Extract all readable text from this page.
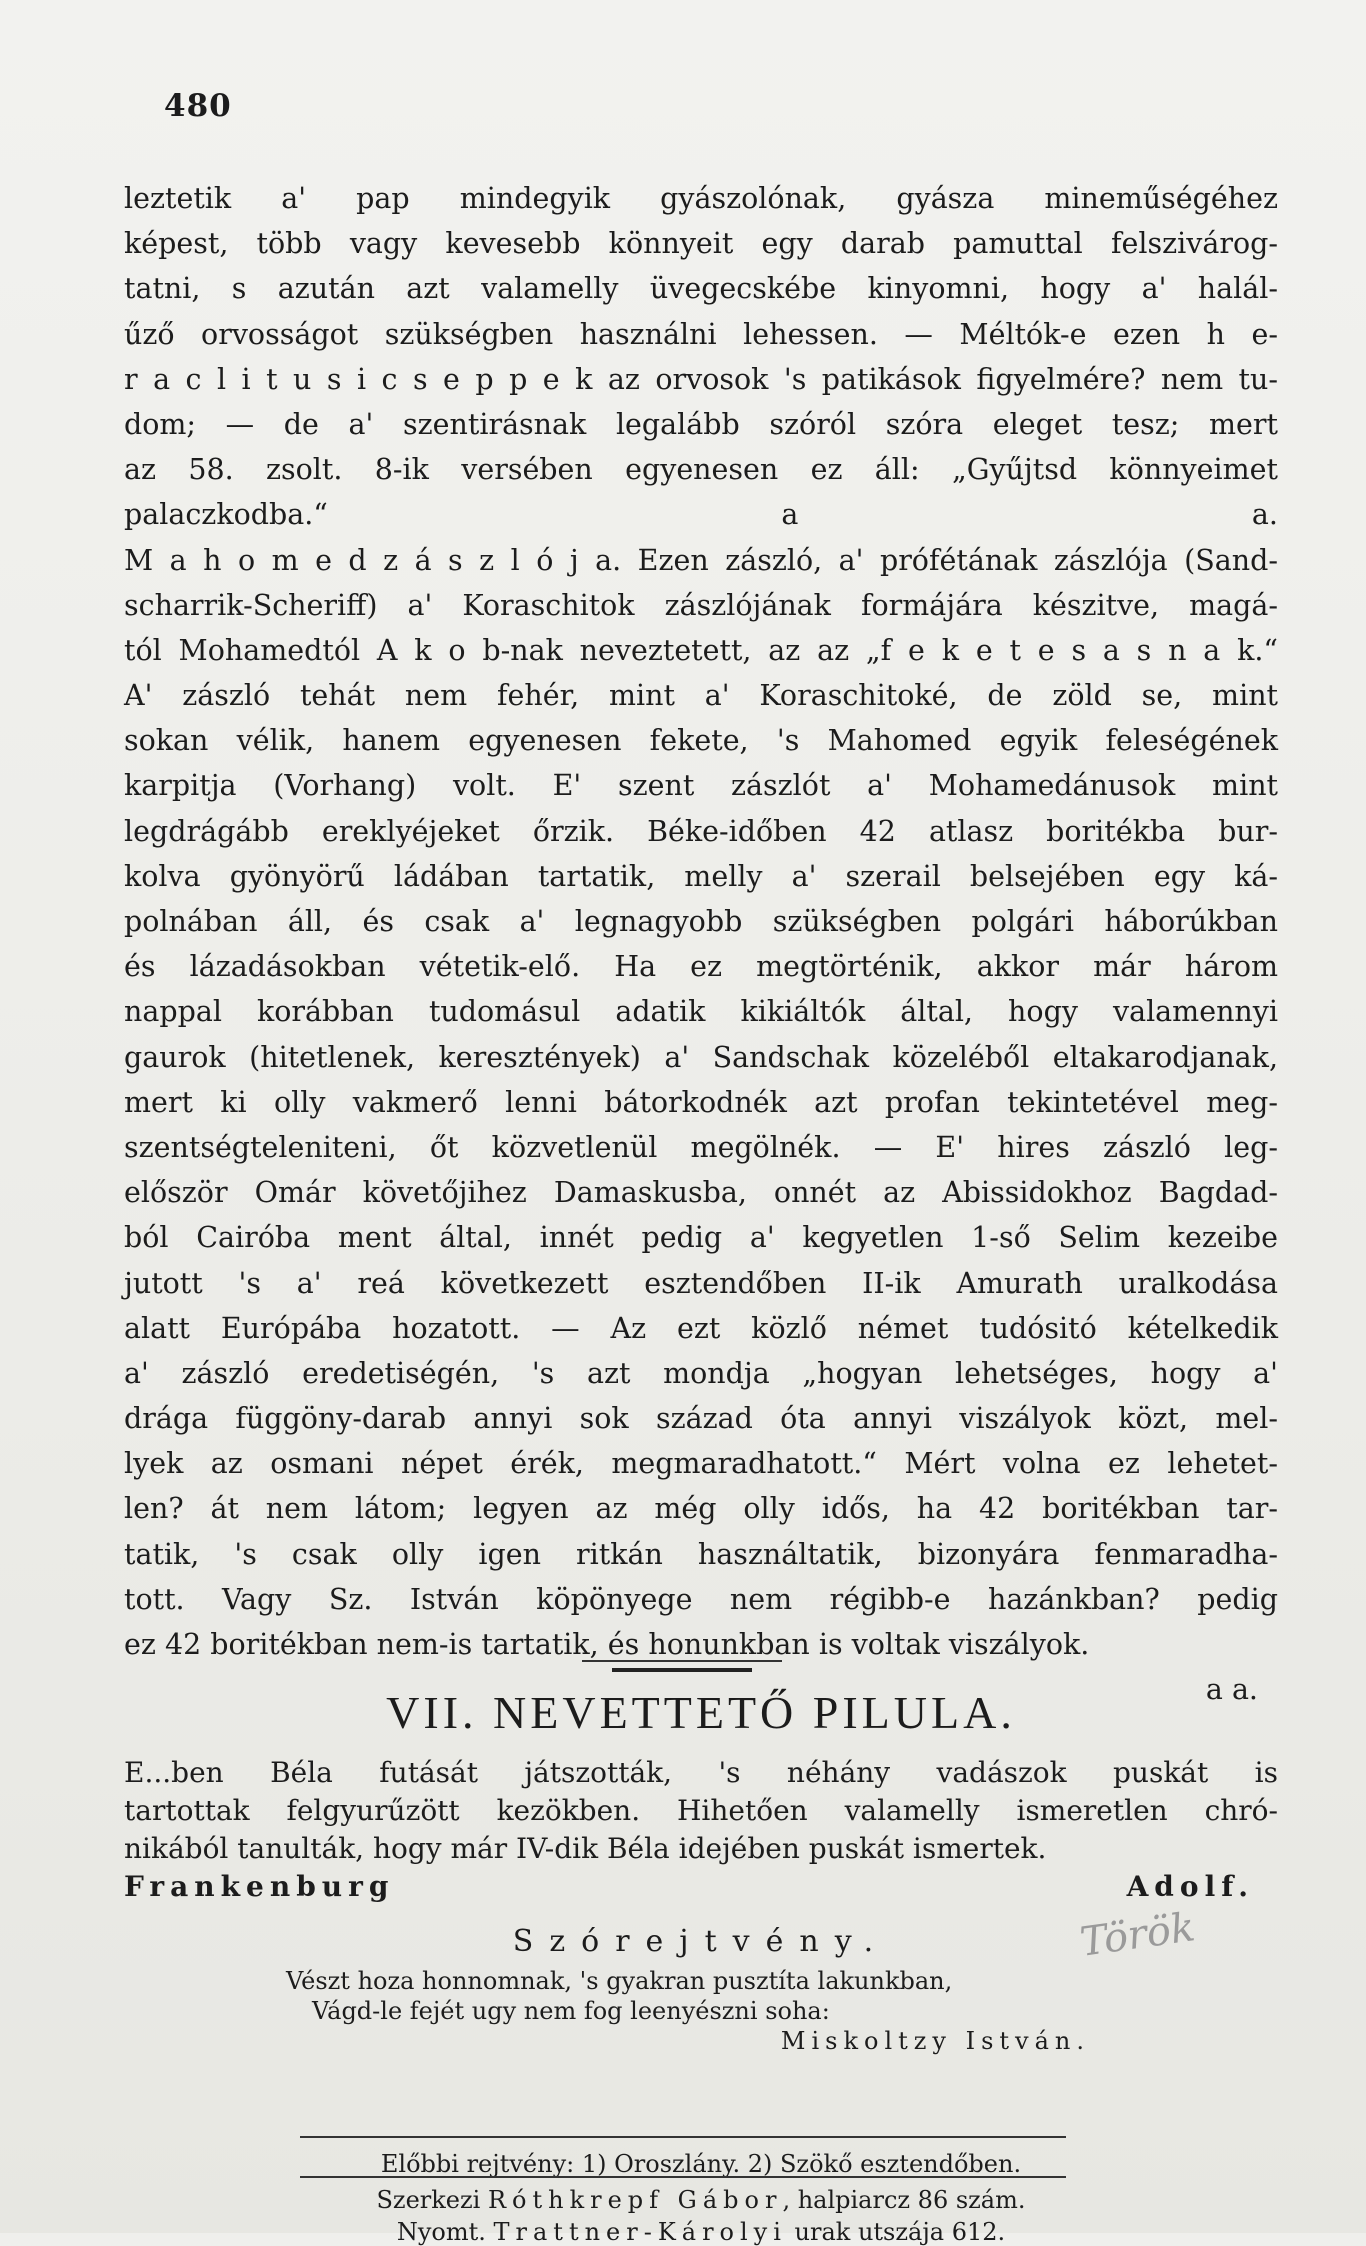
480
leztetik a' pap mindegyik gyászolónak, gyásza mineműségéhez
képest, több vagy kevesebb könnyeit egy darab pamuttal felszivárog-
tatni, s azután azt valamelly üvegecskébe kinyomni, hogy a' halál-
űző orvosságot szükségben használni lehessen. — Méltók-e ezen h e-
r a c l i t u s i c s e p p e k az orvosok 's patikások figyelmére? nem tu-
dom; — de a' szentirásnak legalább szóról szóra eleget tesz; mert
az 58. zsolt. 8-ik versében egyenesen ez áll: „Gyűjtsd könnyeimet
palaczkodba.“ a a.
M a h o m e d z á s z l ó j a. Ezen zászló, a' prófétának zászlója (Sand-
scharrik-Scheriff) a' Koraschitok zászlójának formájára készitve, magá-
tól Mohamedtól A k o b-nak neveztetett, az az „f e k e t e s a s n a k.“
A' zászló tehát nem fehér, mint a' Koraschitoké, de zöld se, mint
sokan vélik, hanem egyenesen fekete, 's Mahomed egyik feleségének
karpitja (Vorhang) volt. E' szent zászlót a' Mohamedánusok mint
legdrágább ereklyéjeket őrzik. Béke-időben 42 atlasz boritékba bur-
kolva gyönyörű ládában tartatik, melly a' szerail belsejében egy ká-
polnában áll, és csak a' legnagyobb szükségben polgári háborúkban
és lázadásokban vétetik-elő. Ha ez megtörténik, akkor már három
nappal korábban tudomásul adatik kikiáltók által, hogy valamennyi
gaurok (hitetlenek, keresztények) a' Sandschak közeléből eltakarodjanak,
mert ki olly vakmerő lenni bátorkodnék azt profan tekintetével meg-
szentségteleniteni, őt közvetlenül megölnék. — E' hires zászló leg-
először Omár követőjihez Damaskusba, onnét az Abissidokhoz Bagdad-
ból Cairóba ment által, innét pedig a' kegyetlen 1-ső Selim kezeibe
jutott 's a' reá következett esztendőben II-ik Amurath uralkodása
alatt Európába hozatott. — Az ezt közlő német tudósitó kételkedik
a' zászló eredetiségén, 's azt mondja „hogyan lehetséges, hogy a'
drága függöny-darab annyi sok század óta annyi viszályok közt, mel-
lyek az osmani népet érék, megmaradhatott.“ Mért volna ez lehetet-
len? át nem látom; legyen az még olly idős, ha 42 boritékban tar-
tatik, 's csak olly igen ritkán használtatik, bizonyára fenmaradha-
tott. Vagy Sz. István köpönyege nem régibb-e hazánkban? pedig
ez 42 boritékban nem-is tartatik, és honunkban is voltak viszályok.
a a.
VII. NEVETTETŐ PILULA.
E...ben Béla futását játszották, 's néhány vadászok puskát is
tartottak felgyurűzött kezökben. Hihetően valamelly ismeretlen chró-
nikából tanulták, hogy már IV-dik Béla idejében puskát ismertek.
Frankenburg Adolf.
Szórejtvény.
Vészt hoza honnomnak, 's gyakran pusztíta lakunkban,
Vágd-le fejét ugy nem fog leenyészni soha:
Miskoltzy István.
Török
Előbbi rejtvény: 1) Oroszlány. 2) Szökő esztendőben.
Szerkezi Róthkrepf Gábor, halpiarcz 86 szám.
Nyomt. Trattner-Károlyi urak utszája 612.
